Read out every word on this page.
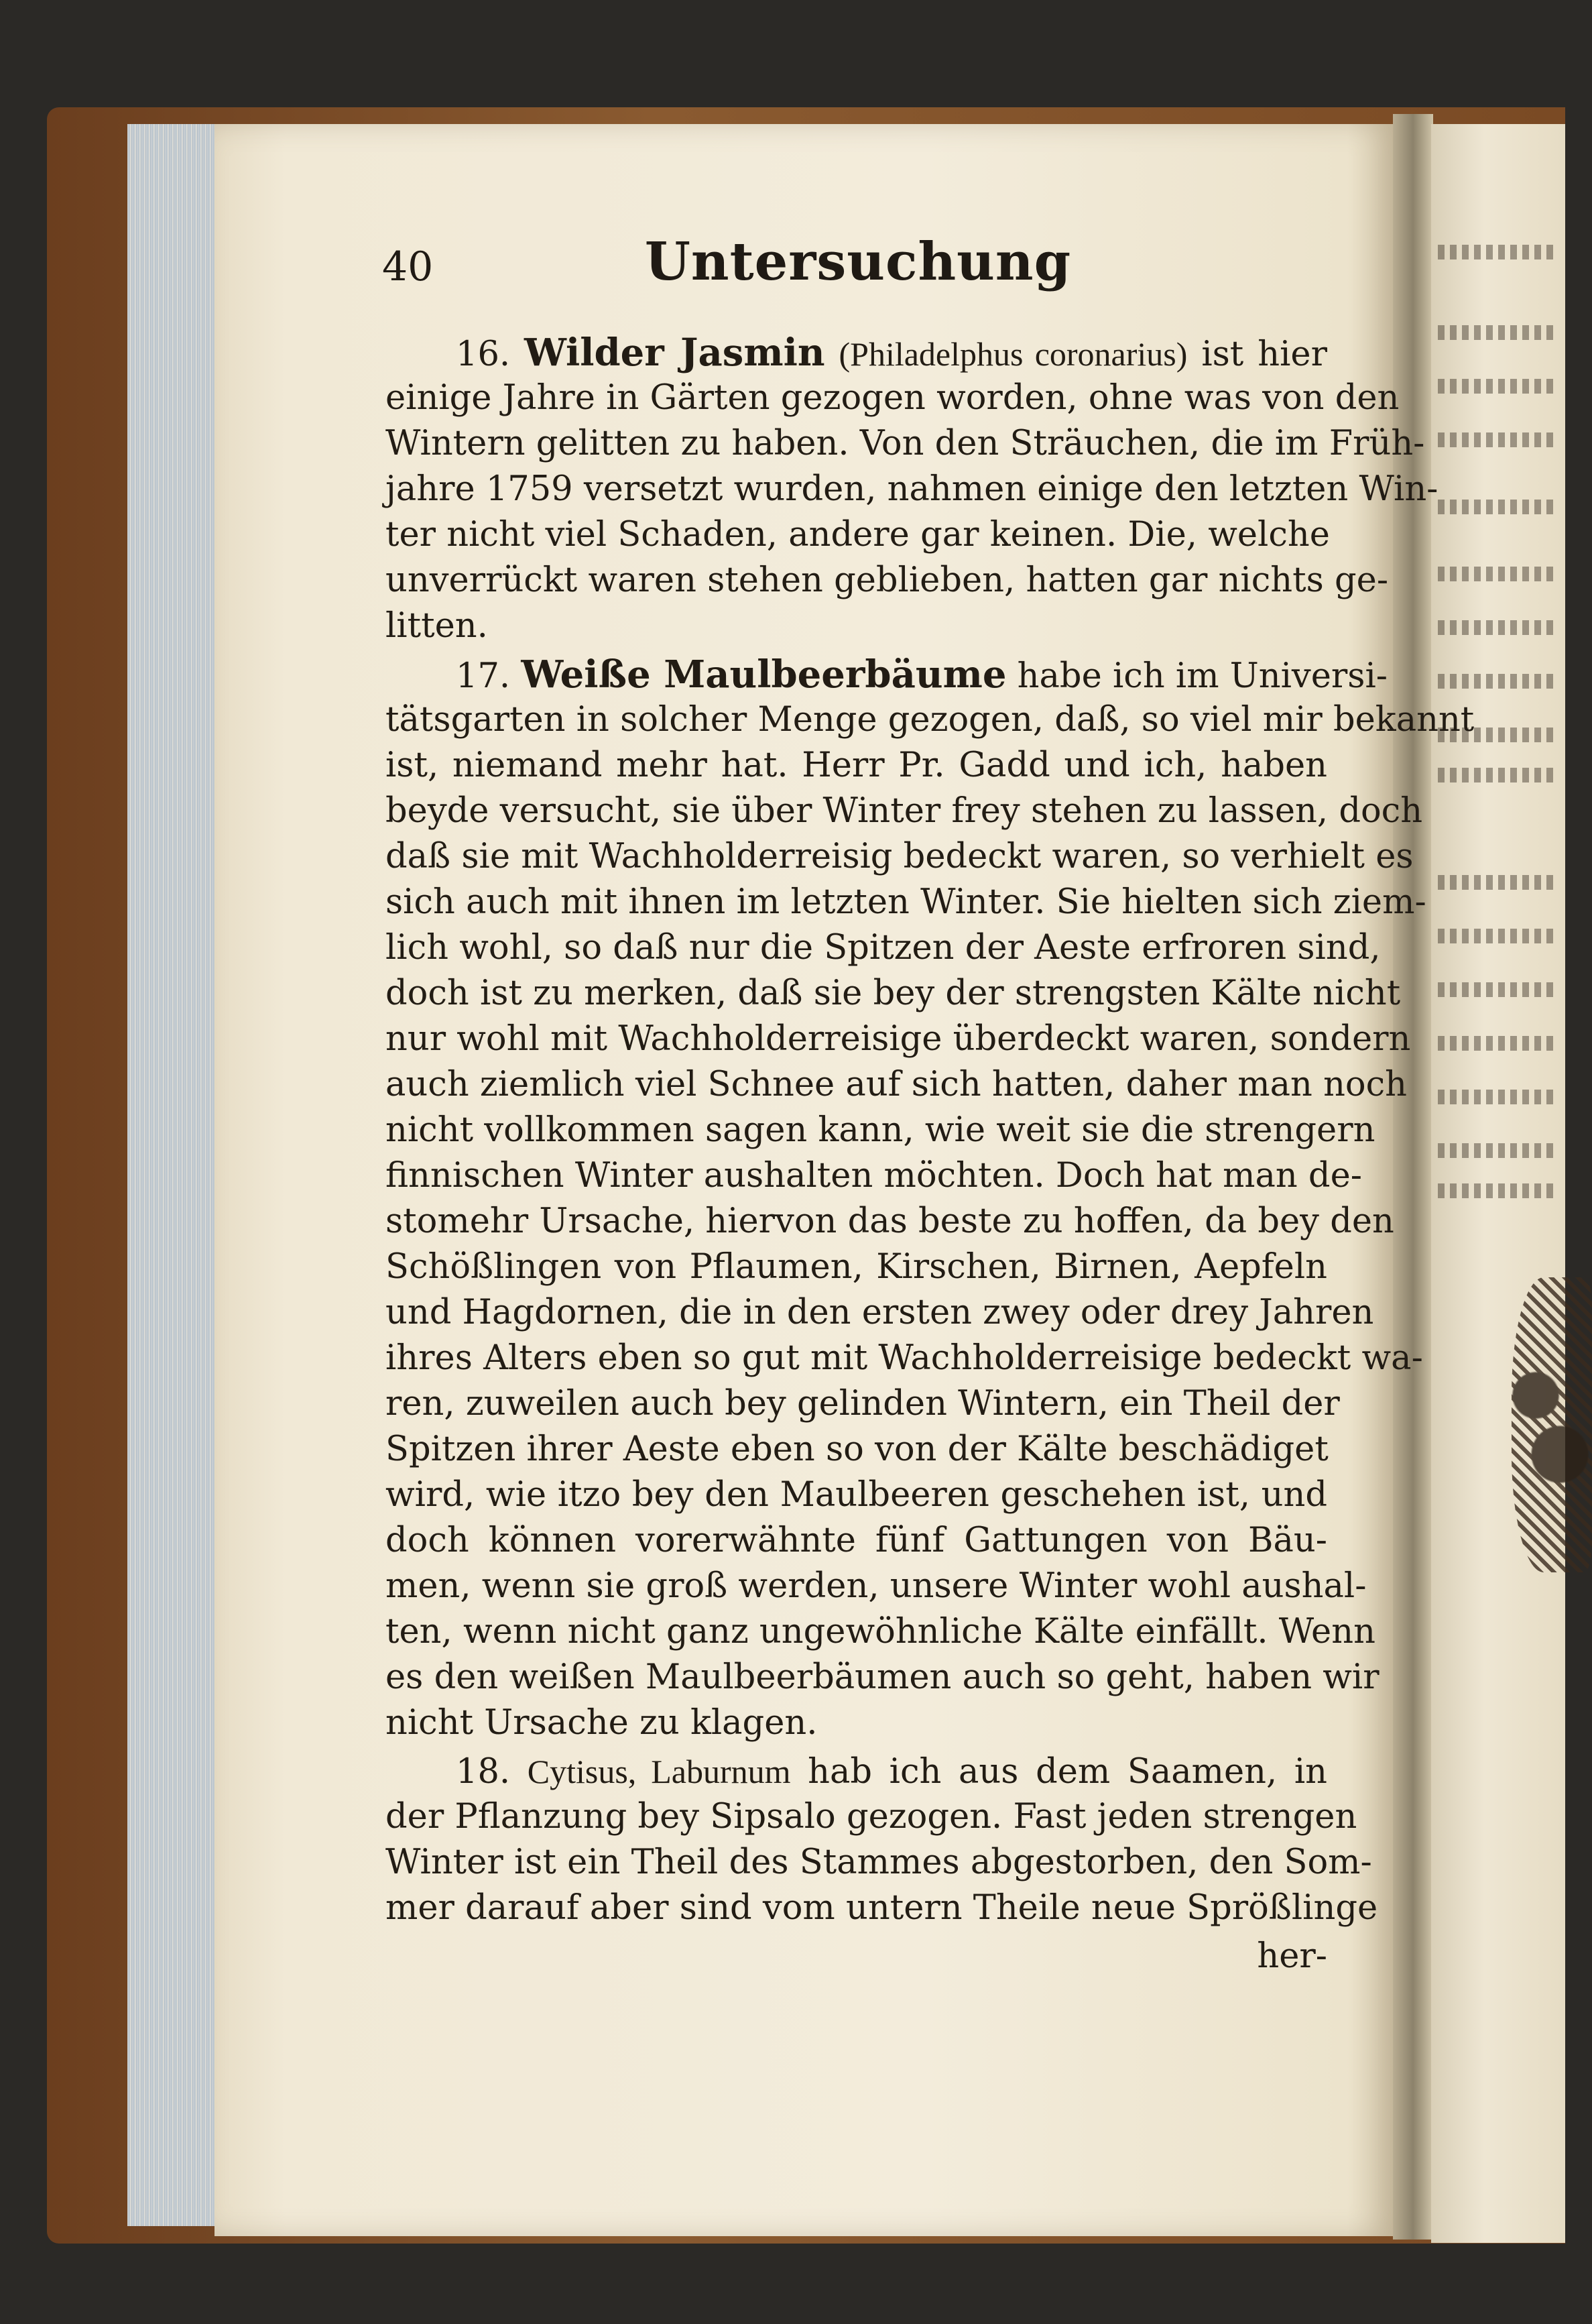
40	Untersuchung
16. Wilder Jasmin (Philadelphus coronarius) ist hier
einige Jahre in Gärten gezogen worden, ohne was von den
Wintern gelitten zu haben. Von den Sträuchen, die im Früh-
jahre 1759 versetzt wurden, nahmen einige den letzten Win-
ter nicht viel Schaden, andere gar keinen. Die, welche
unverrückt waren stehen geblieben, hatten gar nichts ge-
litten.
17. Weiße Maulbeerbäume habe ich im Universi-
tätsgarten in solcher Menge gezogen, daß, so viel mir bekannt
ist, niemand mehr hat. Herr Pr. Gadd und ich, haben
beyde versucht, sie über Winter frey stehen zu lassen, doch
daß sie mit Wachholderreisig bedeckt waren, so verhielt es
sich auch mit ihnen im letzten Winter. Sie hielten sich ziem-
lich wohl, so daß nur die Spitzen der Aeste erfroren sind,
doch ist zu merken, daß sie bey der strengsten Kälte nicht
nur wohl mit Wachholderreisige überdeckt waren, sondern
auch ziemlich viel Schnee auf sich hatten, daher man noch
nicht vollkommen sagen kann, wie weit sie die strengern
finnischen Winter aushalten möchten. Doch hat man de-
stomehr Ursache, hiervon das beste zu hoffen, da bey den
Schößlingen von Pflaumen, Kirschen, Birnen, Aepfeln
und Hagdornen, die in den ersten zwey oder drey Jahren
ihres Alters eben so gut mit Wachholderreisige bedeckt wa-
ren, zuweilen auch bey gelinden Wintern, ein Theil der
Spitzen ihrer Aeste eben so von der Kälte beschädiget
wird, wie itzo bey den Maulbeeren geschehen ist, und
doch können vorerwähnte fünf Gattungen von Bäu-
men, wenn sie groß werden, unsere Winter wohl aushal-
ten, wenn nicht ganz ungewöhnliche Kälte einfällt. Wenn
es den weißen Maulbeerbäumen auch so geht, haben wir
nicht Ursache zu klagen.
18. Cytisus, Laburnum hab ich aus dem Saamen, in
der Pflanzung bey Sipsalo gezogen. Fast jeden strengen
Winter ist ein Theil des Stammes abgestorben, den Som-
mer darauf aber sind vom untern Theile neue Sprößlinge
her-
